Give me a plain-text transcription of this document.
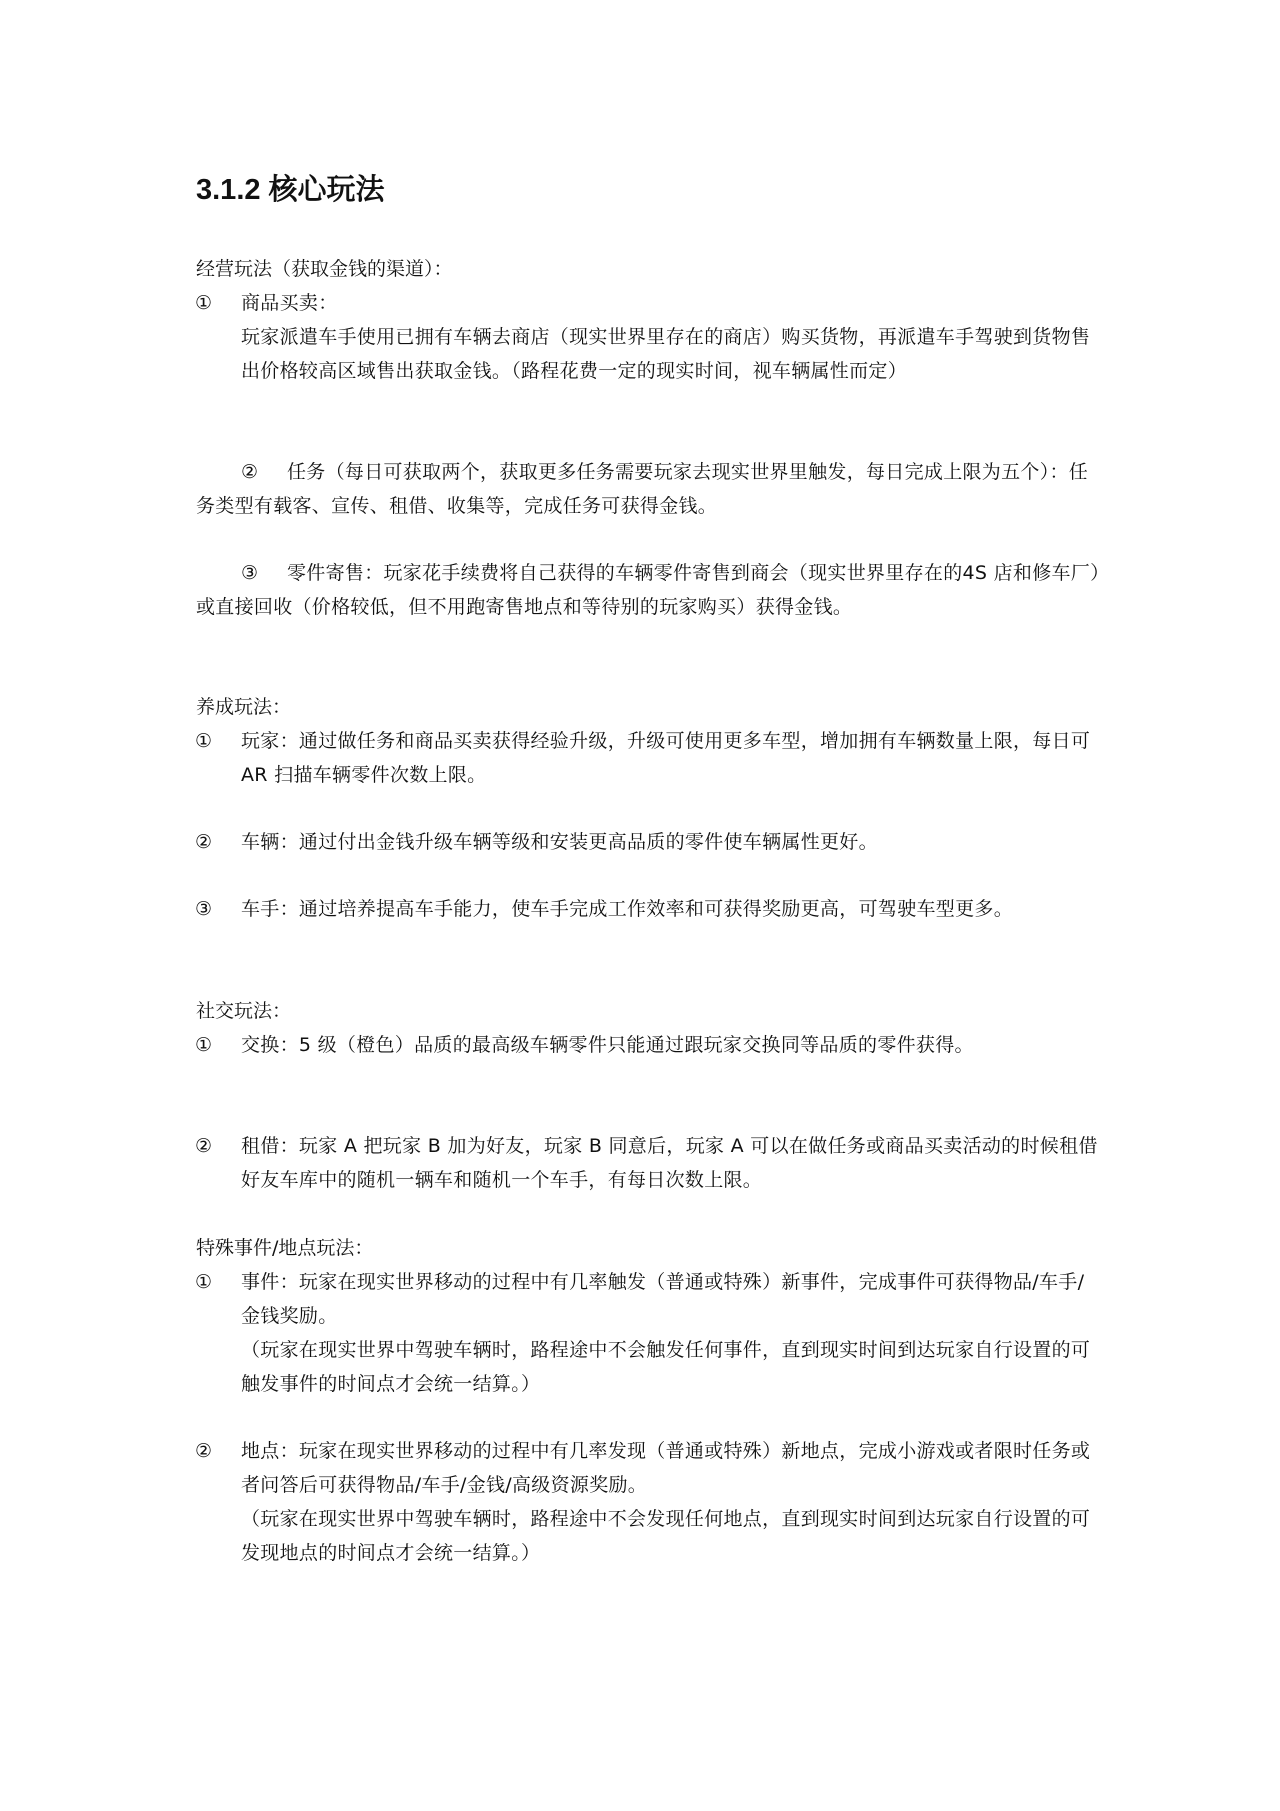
3.1.2 核心玩法
经营玩法（获取金钱的渠道）：
① 商品买卖：
玩家派遣车手使用已拥有车辆去商店（现实世界里存在的商店）购买货物，再派遣车手驾驶到货物售出价格较高区域售出获取金钱。（路程花费一定的现实时间，视车辆属性而定）
② 任务（每日可获取两个，获取更多任务需要玩家去现实世界里触发，每日完成上限为五个）：任务类型有载客、宣传、租借、收集等，完成任务可获得金钱。
③ 零件寄售：玩家花手续费将自己获得的车辆零件寄售到商会（现实世界里存在的4S 店和修车厂）或直接回收（价格较低，但不用跑寄售地点和等待别的玩家购买）获得金钱。
养成玩法：
① 玩家：通过做任务和商品买卖获得经验升级，升级可使用更多车型，增加拥有车辆数量上限，每日可 AR 扫描车辆零件次数上限。
② 车辆：通过付出金钱升级车辆等级和安装更高品质的零件使车辆属性更好。
③ 车手：通过培养提高车手能力，使车手完成工作效率和可获得奖励更高，可驾驶车型更多。
社交玩法：
① 交换：5 级（橙色）品质的最高级车辆零件只能通过跟玩家交换同等品质的零件获得。
② 租借：玩家 A 把玩家 B 加为好友，玩家 B 同意后，玩家 A 可以在做任务或商品买卖活动的时候租借好友车库中的随机一辆车和随机一个车手，有每日次数上限。
特殊事件/地点玩法：
① 事件：玩家在现实世界移动的过程中有几率触发（普通或特殊）新事件，完成事件可获得物品/车手/金钱奖励。
（玩家在现实世界中驾驶车辆时，路程途中不会触发任何事件，直到现实时间到达玩家自行设置的可触发事件的时间点才会统一结算。）
② 地点：玩家在现实世界移动的过程中有几率发现（普通或特殊）新地点，完成小游戏或者限时任务或者问答后可获得物品/车手/金钱/高级资源奖励。
（玩家在现实世界中驾驶车辆时，路程途中不会发现任何地点，直到现实时间到达玩家自行设置的可发现地点的时间点才会统一结算。）
